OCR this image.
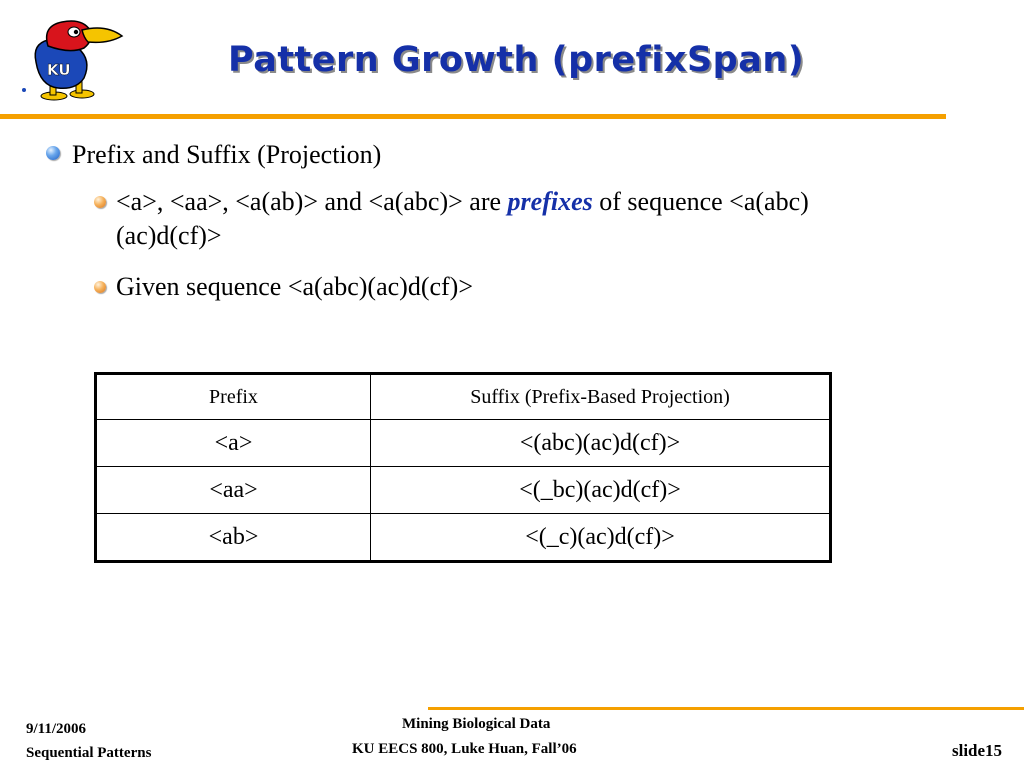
KU	Pattern Growth (prefixSpan)
Prefix and Suffix (Projection)
<a>, <aa>, <a(ab)> and <a(abc)> are prefixes of sequence <a(abc)(ac)d(cf)>
Given sequence <a(abc)(ac)d(cf)>
Prefix	Suffix (Prefix-Based Projection)
<a>	<(abc)(ac)d(cf)>
<aa>	<(_bc)(ac)d(cf)>
<ab>	<(_c)(ac)d(cf)>
9/11/2006
Sequential Patterns
Mining Biological Data
KU EECS 800, Luke Huan, Fall’06	slide15
